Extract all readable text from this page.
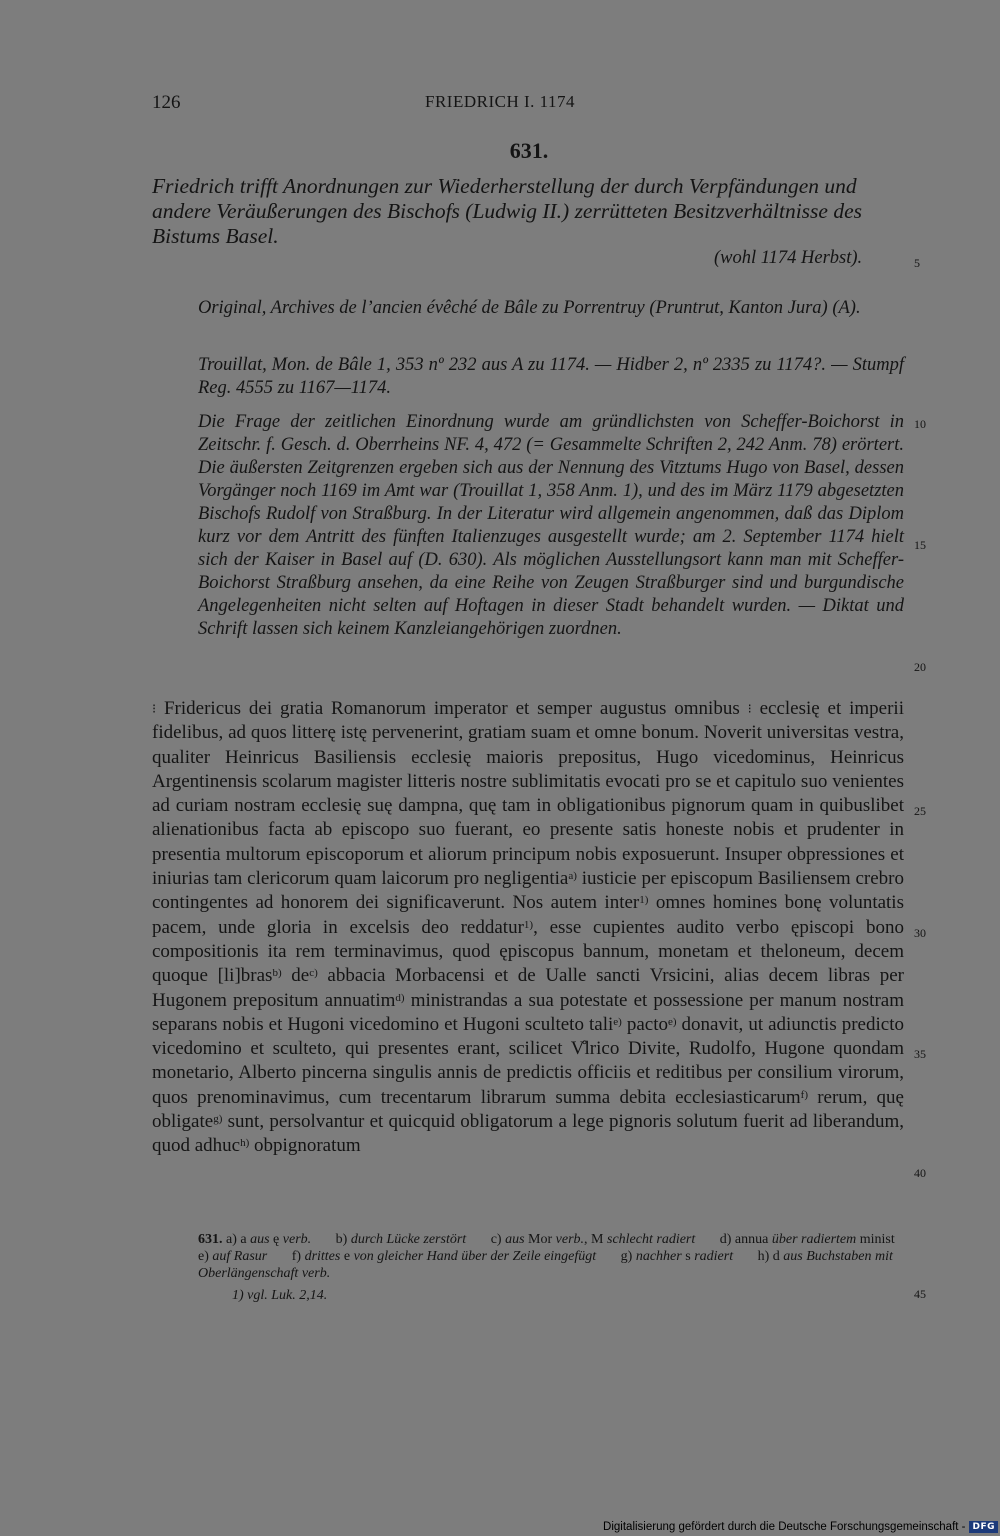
126	FRIEDRICH I. 1174
631.
Friedrich trifft Anordnungen zur Wiederherstellung der durch Verpfändungen und andere Veräußerungen des Bischofs (Ludwig II.) zerrütteten Besitzverhältnisse des Bistums Basel.
(wohl 1174 Herbst).
Original, Archives de l’ancien évêché de Bâle zu Porrentruy (Pruntrut, Kanton Jura) (A).
Trouillat, Mon. de Bâle 1, 353 nº 232 aus A zu 1174. — Hidber 2, nº 2335 zu 1174?. — Stumpf Reg. 4555 zu 1167—1174.
Die Frage der zeitlichen Einordnung wurde am gründlichsten von Scheffer-Boichorst in Zeitschr. f. Gesch. d. Oberrheins NF. 4, 472 (= Gesammelte Schriften 2, 242 Anm. 78) erörtert. Die äußersten Zeitgrenzen ergeben sich aus der Nennung des Vitztums Hugo von Basel, dessen Vorgänger noch 1169 im Amt war (Trouillat 1, 358 Anm. 1), und des im März 1179 abgesetzten Bischofs Rudolf von Straßburg. In der Literatur wird allgemein angenommen, daß das Diplom kurz vor dem Antritt des fünften Italienzuges ausgestellt wurde; am 2. September 1174 hielt sich der Kaiser in Basel auf (D. 630). Als möglichen Ausstellungsort kann man mit Scheffer-Boichorst Straßburg ansehen, da eine Reihe von Zeugen Straßburger sind und burgundische Angelegenheiten nicht selten auf Hoftagen in dieser Stadt behandelt wurden. — Diktat und Schrift lassen sich keinem Kanzleiangehörigen zuordnen.
⁝ Fridericus dei gratia Romanorum imperator et semper augustus omnibus ⁝ ecclesię et imperii fidelibus, ad quos litterę istę pervenerint, gratiam suam et omne bonum. Noverit universitas vestra, qualiter Heinricus Basiliensis ecclesię maioris prepositus, Hugo vicedominus, Heinricus Argentinensis scolarum magister litteris nostre sublimitatis evocati pro se et capitulo suo venientes ad curiam nostram ecclesię suę dampna, quę tam in obligationibus pignorum quam in quibuslibet alienationibus facta ab episcopo suo fuerant, eo presente satis honeste nobis et prudenter in presentia multorum episcoporum et aliorum principum nobis exposuerunt. Insuper obpressiones et iniurias tam clericorum quam laicorum pro negligentia$^{a)}$ iusticie per episcopum Basiliensem crebro contingentes ad honorem dei significaverunt. Nos autem inter$^{1)}$ omnes homines bonę voluntatis pacem, unde gloria in excelsis deo reddatur$^{1)}$, esse cupientes audito verbo ępiscopi bono compositionis ita rem terminavimus, quod ępiscopus bannum, monetam et theloneum, decem quoque [li]bras$^{b)}$ $de^{c)}$ abbacia Morbacensi et de Ualle sancti Vrsicini, alias decem libras per Hugonem prepositum annuatim$^{d)}$ ministrandas a sua potestate et possessione per manum nostram separans nobis et Hugoni vicedomino et Hugoni sculteto tali$^{e)}$ pacto$^{e)}$ donavit, ut adiunctis predicto vicedomino et sculteto, qui presentes erant, scilicet V̊lrico Divite, Rudolfo, Hugone quondam monetario, Alberto pincerna singulis annis de predictis officiis et reditibus per consilium virorum, quos prenominavimus, cum trecentarum librarum summa debita ecclesiasticarum$^{f)}$ rerum, quę obligate$^{g)}$ sunt, persolvantur et quicquid obligatorum a lege pignoris solutum fuerit ad liberandum, quod adhuc$^{h)}$ obpignoratum
631. a) a aus ę verb.       b) durch Lücke zerstört       c) aus Mor verb., M schlecht radiert       d) annua über radiertem minist       e) auf Rasur       f) drittes e von gleicher Hand über der Zeile eingefügt       g) nachher s radiert       h) d aus Buchstaben mit Oberlängenschaft verb.
1) vgl. Luk. 2,14.
5
10
15
20
25
30
35
40
45
Digitalisierung gefördert durch die Deutsche Forschungsgemeinschaft - DFG
